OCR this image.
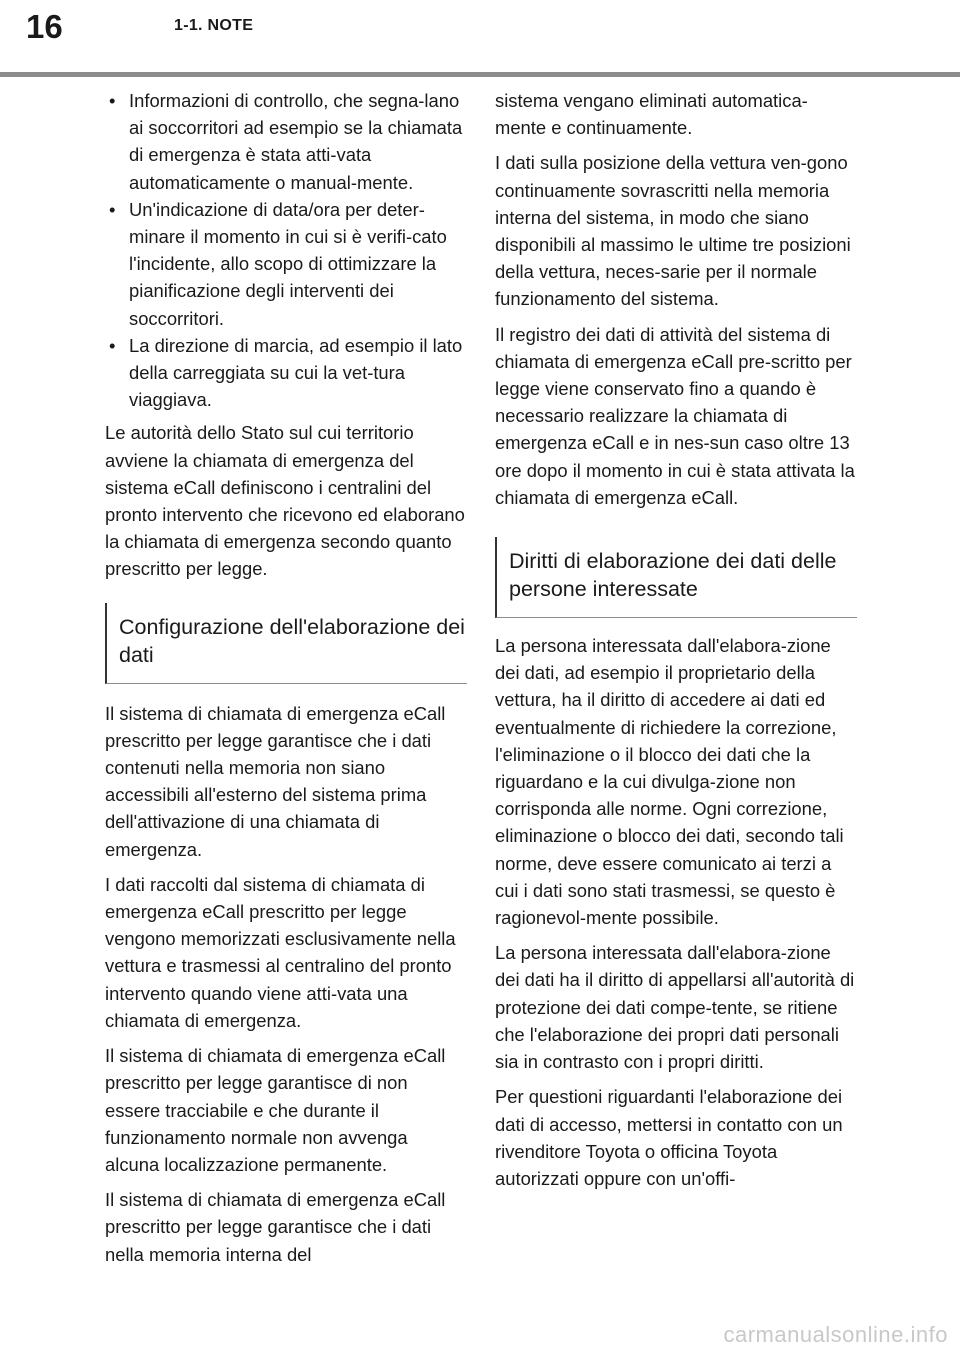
16	1-1. NOTE
• Informazioni di controllo, che segna-lano ai soccorritori ad esempio se la chiamata di emergenza è stata atti-vata automaticamente o manual-mente.
• Un'indicazione di data/ora per deter-minare il momento in cui si è verifi-cato l'incidente, allo scopo di ottimizzare la pianificazione degli interventi dei soccorritori.
• La direzione di marcia, ad esempio il lato della carreggiata su cui la vet-tura viaggiava.

Le autorità dello Stato sul cui territorio avviene la chiamata di emergenza del sistema eCall definiscono i centralini del pronto intervento che ricevono ed elaborano la chiamata di emergenza secondo quanto prescritto per legge.

Configurazione dell'elaborazione dei dati

Il sistema di chiamata di emergenza eCall prescritto per legge garantisce che i dati contenuti nella memoria non siano accessibili all'esterno del sistema prima dell'attivazione di una chiamata di emergenza.

I dati raccolti dal sistema di chiamata di emergenza eCall prescritto per legge vengono memorizzati esclusivamente nella vettura e trasmessi al centralino del pronto intervento quando viene atti-vata una chiamata di emergenza.

Il sistema di chiamata di emergenza eCall prescritto per legge garantisce di non essere tracciabile e che durante il funzionamento normale non avvenga alcuna localizzazione permanente.

Il sistema di chiamata di emergenza eCall prescritto per legge garantisce che i dati nella memoria interna del

sistema vengano eliminati automatica-mente e continuamente.

I dati sulla posizione della vettura ven-gono continuamente sovrascritti nella memoria interna del sistema, in modo che siano disponibili al massimo le ultime tre posizioni della vettura, neces-sarie per il normale funzionamento del sistema.

Il registro dei dati di attività del sistema di chiamata di emergenza eCall pre-scritto per legge viene conservato fino a quando è necessario realizzare la chiamata di emergenza eCall e in nes-sun caso oltre 13 ore dopo il momento in cui è stata attivata la chiamata di emergenza eCall.

Diritti di elaborazione dei dati delle persone interessate

La persona interessata dall'elabora-zione dei dati, ad esempio il proprietario della vettura, ha il diritto di accedere ai dati ed eventualmente di richiedere la correzione, l'eliminazione o il blocco dei dati che la riguardano e la cui divulga-zione non corrisponda alle norme. Ogni correzione, eliminazione o blocco dei dati, secondo tali norme, deve essere comunicato ai terzi a cui i dati sono stati trasmessi, se questo è ragionevol-mente possibile.

La persona interessata dall'elabora-zione dei dati ha il diritto di appellarsi all'autorità di protezione dei dati compe-tente, se ritiene che l'elaborazione dei propri dati personali sia in contrasto con i propri diritti.

Per questioni riguardanti l'elaborazione dei dati di accesso, mettersi in contatto con un rivenditore Toyota o officina Toyota autorizzati oppure con un'offi-

carmanualsonline.info
